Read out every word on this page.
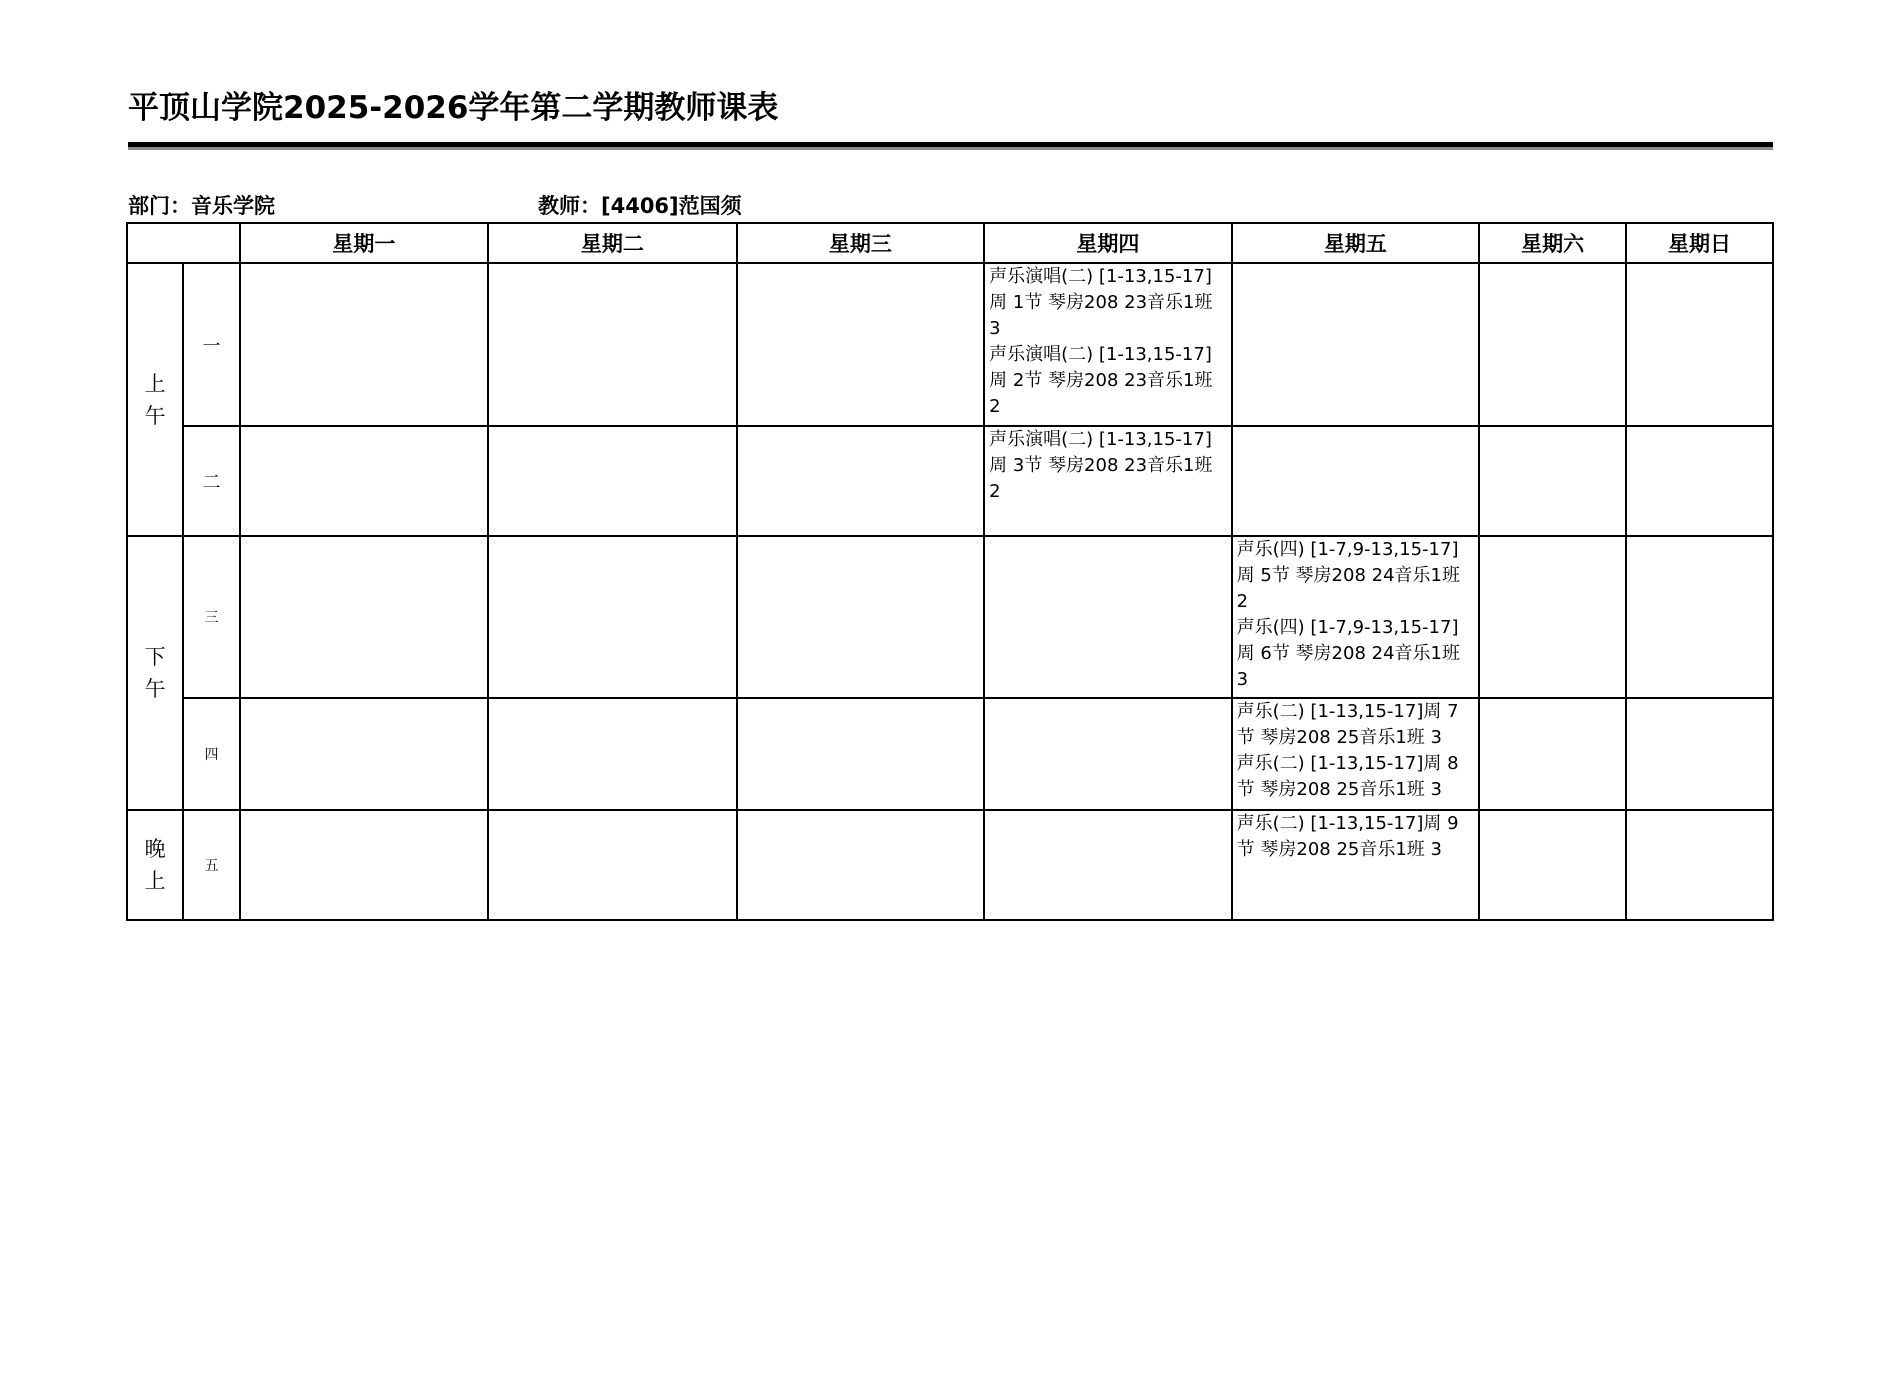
平顶山学院2025-2026学年第二学期教师课表
部门：音乐学院	教师：[4406]范国须
		星期一	星期二	星期三	星期四	星期五	星期六	星期日
上午	一				声乐演唱(二) [1-13,15-17]周 1节 琴房208 23音乐1班 3
声乐演唱(二) [1-13,15-17]周 2节 琴房208 23音乐1班 2			

	二				声乐演唱(二) [1-13,15-17]周 3节 琴房208 23音乐1班 2			

下午	三					声乐(四) [1-7,9-13,15-17]周 5节 琴房208 24音乐1班 2
声乐(四) [1-7,9-13,15-17]周 6节 琴房208 24音乐1班 3		

	四					声乐(二) [1-13,15-17]周 7节 琴房208 25音乐1班 3
声乐(二) [1-13,15-17]周 8节 琴房208 25音乐1班 3		

晚上	五					声乐(二) [1-13,15-17]周 9节 琴房208 25音乐1班 3		
